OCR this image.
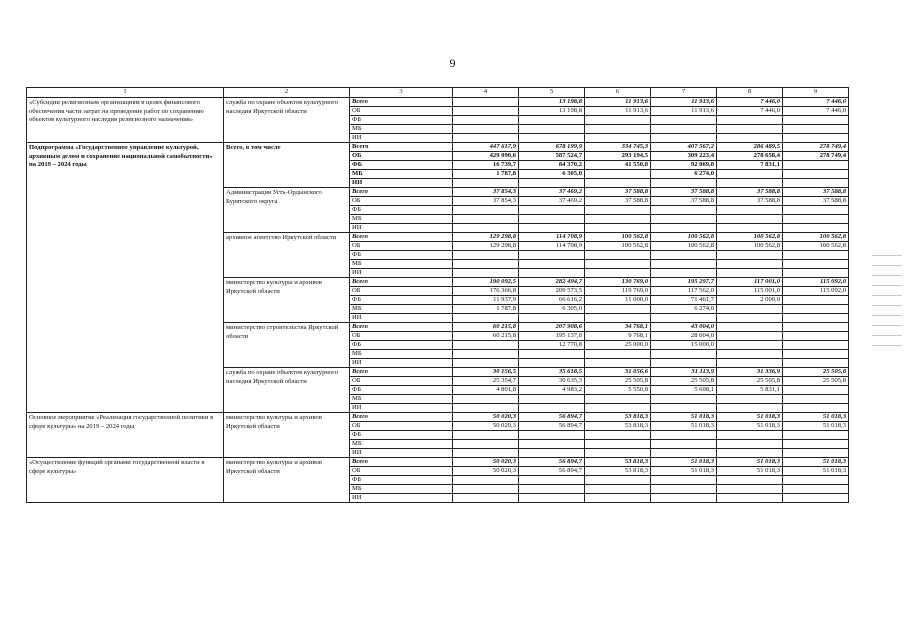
9
1	2	3	4	5	6	7	8	9
«Субсидии религиозным организациям в целях финансового обеспечения части затрат на проведение работ по сохранению объектов культурного наследия религиозного назначения»	служба по охране объектов культурного наследия Иркутской области	Всего		13 198,8	11 913,6	11 913,6	7 446,0	7 446,0
		ОБ		13 198,8	11 913,6	11 913,6	7 446,0	7 446,0
		ФБ						
		МБ						
		ИИ						
Подпрограмма «Государственное управление культурой, архивным делом и сохранение национальной самобытности» на 2019 – 2024 годы	Всего, в том числе	Всего	447 617,9	678 199,9	334 745,3	407 567,2	286 489,5	278 749,4
		ОБ	429 090,6	587 524,7	293 194,5	309 223,4	278 658,4	278 749,4
		ФБ	16 739,7	84 370,2	41 550,8	92 069,8	7 831,1	
		МБ	1 787,8	6 305,0		6 274,0		
		ИИ						
	Администрация Усть-Ордынского Бурятского округа	Всего	37 854,3	37 469,2	37 588,8	37 588,8	37 588,8	37 588,8
		ОБ	37 854,3	37 469,2	37 588,8	37 588,8	37 588,8	37 588,8
		ФБ						
		МБ						
		ИИ						
	архивное агентство Иркутской области	Всего	129 298,8	114 708,9	100 562,8	100 562,8	100 562,8	100 562,8
		ОБ	129 298,8	114 708,9	100 562,8	100 562,8	100 562,8	100 562,8
		ФБ						
		МБ						
		ИИ						
	министерство культуры и архивов Иркутской области	Всего	190 092,5	282 494,7	130 769,0	195 297,7	117 001,0	115 092,0
		ОБ	176 366,8	209 573,5	119 769,0	117 562,0	115 001,0	115 092,0
		ФБ	11 937,9	66 616,2	11 000,0	71 461,7	2 000,0	
		МБ	1 787,8	6 305,0		6 274,0		
		ИИ						
	министерство строительства Иркутской области	Всего	60 215,8	207 908,6	34 768,1	43 004,0		
		ОБ	60 215,8	195 137,8	9 768,1	28 004,0		
		ФБ		12 770,8	25 000,0	15 000,0		
		МБ						
		ИИ						
	служба по охране объектов культурного наследия Иркутской области	Всего	30 156,5	35 618,5	31 056,6	31 113,9	31 336,9	25 505,8
		ОБ	25 354,7	30 635,3	25 505,8	25 505,8	25 505,8	25 505,8
		ФБ	4 801,8	4 983,2	5 550,8	5 608,1	5 831,1	
		МБ						
		ИИ						
Основное мероприятие «Реализация государственной политики в сфере культуры» на 2019 – 2024 годы	министерство культуры и архивов Иркутской области	Всего	50 020,3	56 894,7	53 818,3	51 018,3	51 018,3	51 018,3
		ОБ	50 020,3	56 894,7	53 818,3	51 018,3	51 018,3	51 018,3
		ФБ						
		МБ						
		ИИ						
«Осуществление функций органами государственной власти в сфере культуры»	министерство культуры и архивов Иркутской области	Всего	50 020,3	56 894,7	53 818,3	51 018,3	51 018,3	51 018,3
		ОБ	50 020,3	56 894,7	53 818,3	51 018,3	51 018,3	51 018,3
		ФБ						
		МБ						
		ИИ						
